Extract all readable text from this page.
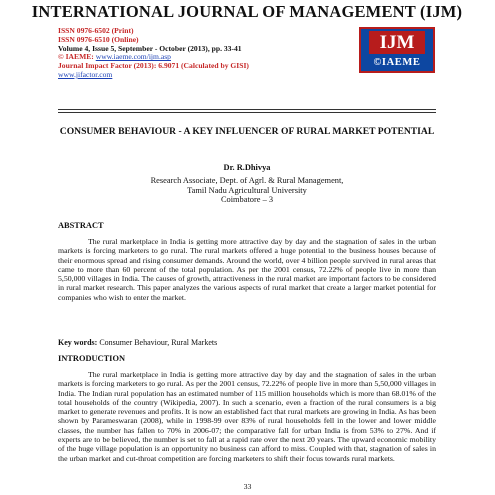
INTERNATIONAL JOURNAL OF MANAGEMENT (IJM)
ISSN 0976-6502 (Print)
ISSN 0976-6510 (Online)
Volume 4, Issue 5, September - October (2013), pp. 33-41
© IAEME: www.iaeme.com/ijm.asp
Journal Impact Factor (2013): 6.9071 (Calculated by GISI)
www.jifactor.com
IJM
©IAEME
CONSUMER BEHAVIOUR - A KEY INFLUENCER OF RURAL MARKET POTENTIAL
Dr. R.Dhivya
Research Associate, Dept. of Agrl. & Rural Management,
Tamil Nadu Agricultural University
Coimbatore – 3
ABSTRACT

The rural marketplace in India is getting more attractive day by day and the stagnation of sales in the urban markets is forcing marketers to go rural. The rural markets offered a huge potential to the business houses because of their enormous spread and rising consumer demands. Around the world, over 4 billion people survived in rural areas that came to more than 60 percent of the total population. As per the 2001 census, 72.22% of people live in more than 5,50,000 villages in India. The causes of growth, attractiveness in the rural market are important factors to be considered in rural market research. This paper analyzes the various aspects of rural market that create a larger market potential for companies who wish to enter the market.

Key words: Consumer Behaviour, Rural Markets
INTRODUCTION

The rural marketplace in India is getting more attractive day by day and the stagnation of sales in the urban markets is forcing marketers to go rural. As per the 2001 census, 72.22% of people live in more than 5,50,000 villages in India. The Indian rural population has an estimated number of 115 million households which is more than 68.01% of the total households of the country (Wikipedia, 2007). In such a scenario, even a fraction of the rural consumers is a big market to generate revenues and profits. It is now an established fact that rural markets are growing in India. As has been shown by Parameswaran (2008), while in 1998-99 over 83% of rural households fell in the lower and lower middle classes, the number has fallen to 70% in 2006-07; the comparative fall for urban India is from 53% to 27%. And if experts are to be believed, the number is set to fall at a rapid rate over the next 20 years. The upward economic mobility of the huge village population is an opportunity no business can afford to miss. Coupled with that, stagnation of sales in the urban market and cut-throat competition are forcing marketers to shift their focus towards rural markets.

33
